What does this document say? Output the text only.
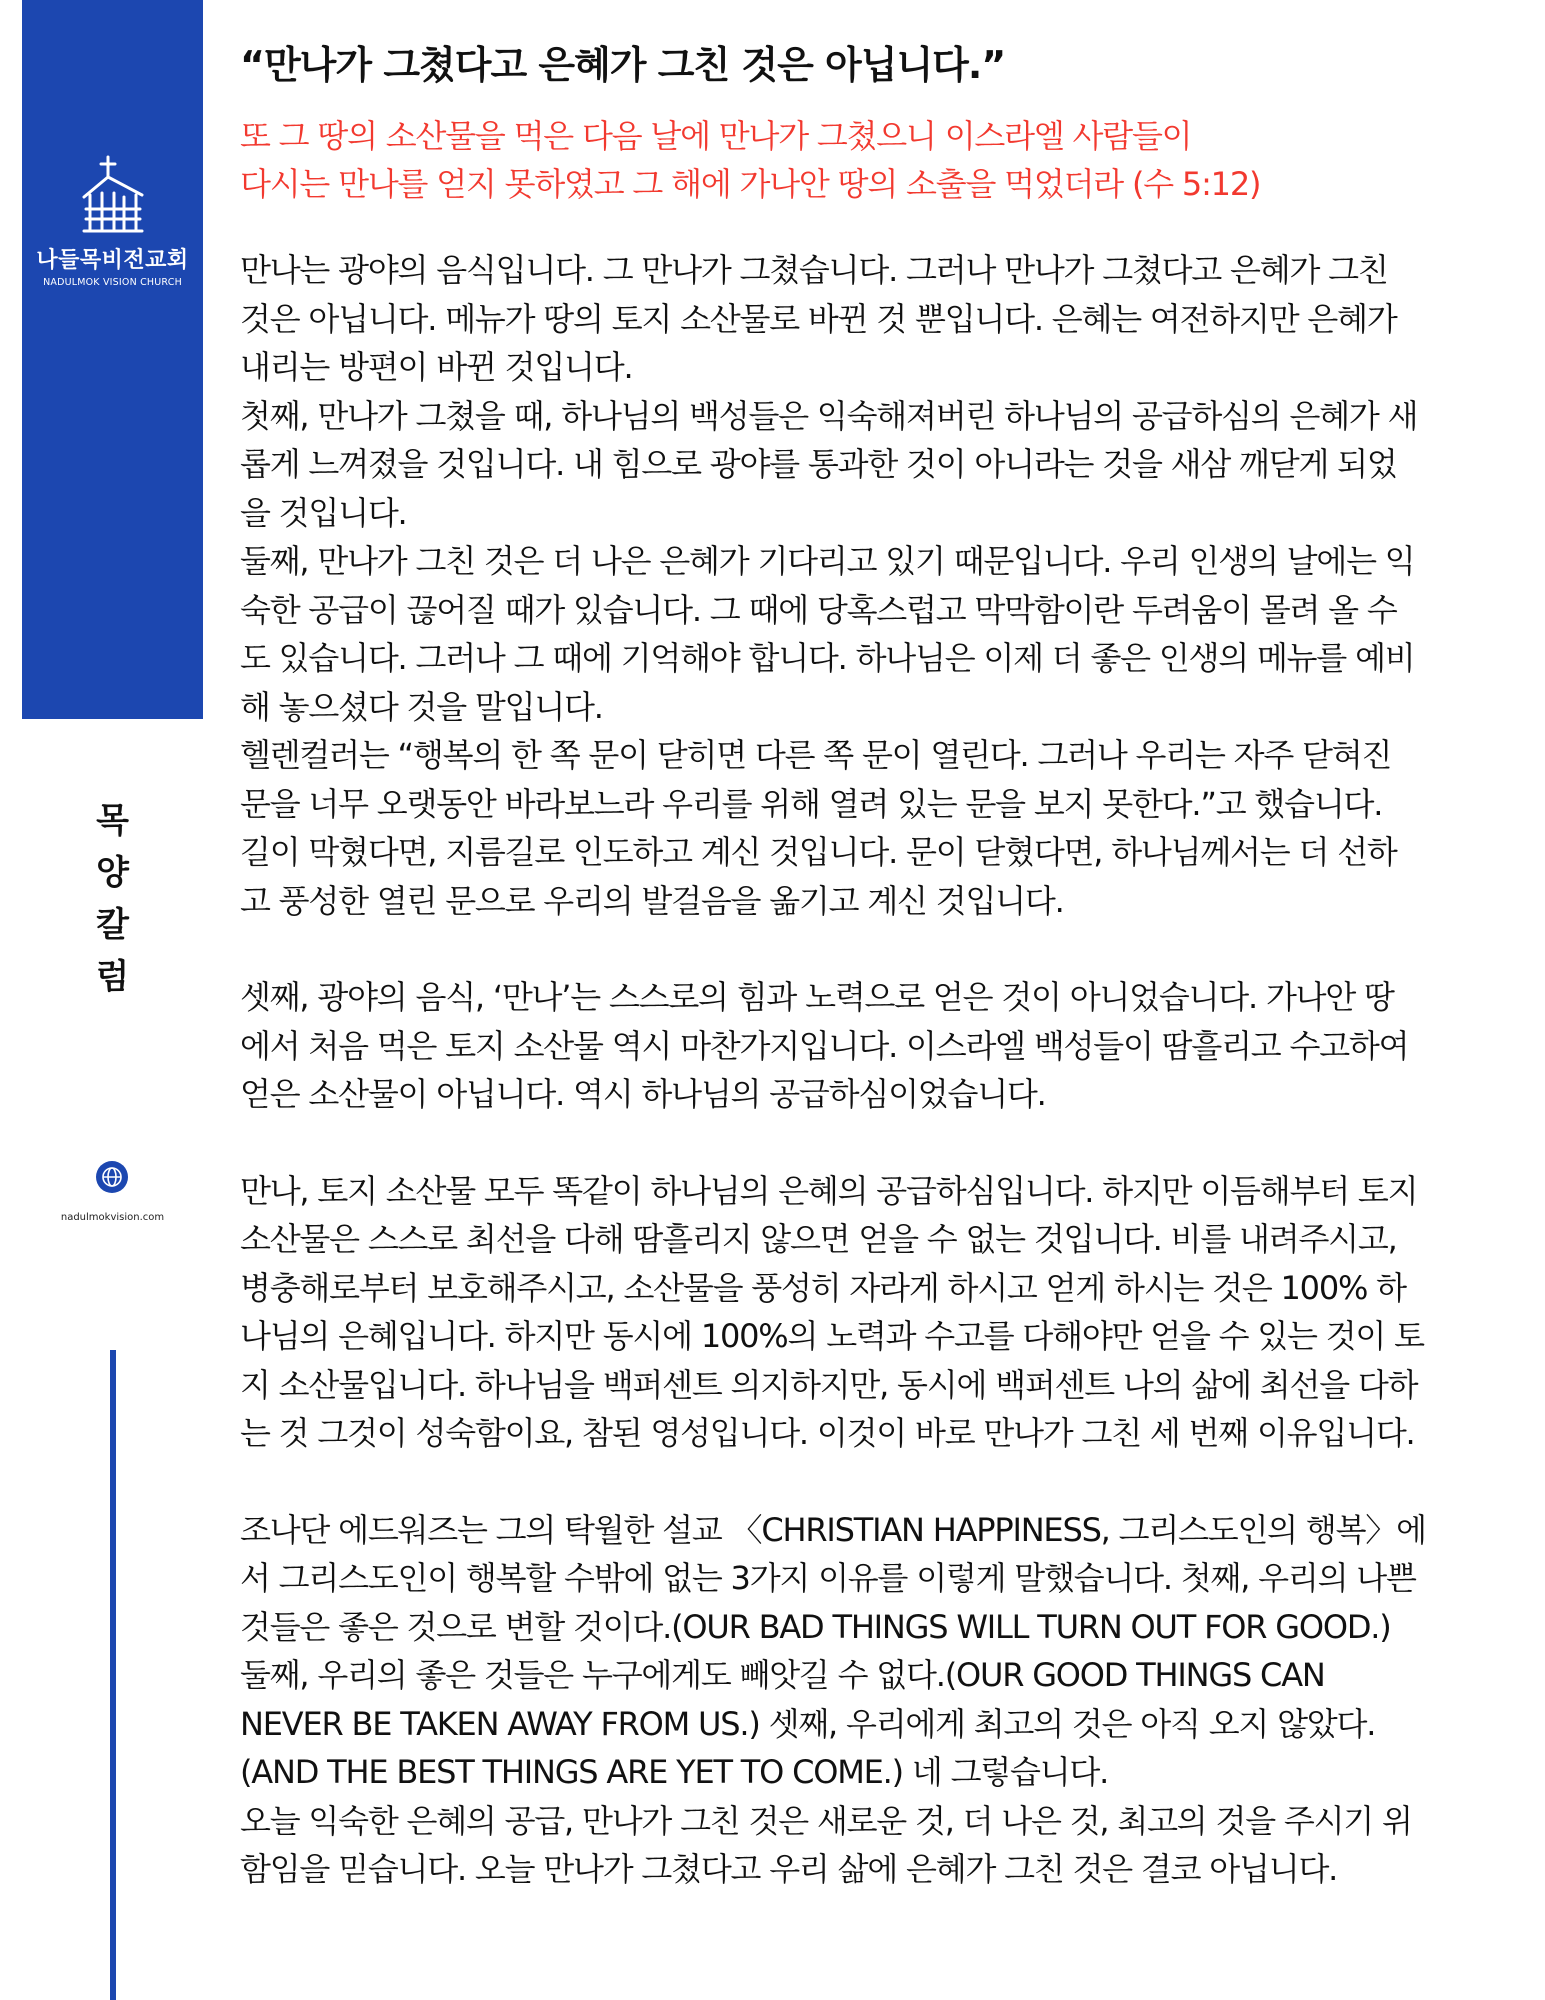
나들목비전교회
NADULMOK VISION CHURCH
목
양
칼
럼
nadulmokvision.com
“만나가 그쳤다고 은혜가 그친 것은 아닙니다.”
또 그 땅의 소산물을 먹은 다음 날에 만나가 그쳤으니 이스라엘 사람들이
다시는 만나를 얻지 못하였고 그 해에 가나안 땅의 소출을 먹었더라 (수 5:12)
만나는 광야의 음식입니다. 그 만나가 그쳤습니다. 그러나 만나가 그쳤다고 은혜가 그친
것은 아닙니다. 메뉴가 땅의 토지 소산물로 바뀐 것 뿐입니다. 은혜는 여전하지만 은혜가
내리는 방편이 바뀐 것입니다.
첫째, 만나가 그쳤을 때, 하나님의 백성들은 익숙해져버린 하나님의 공급하심의 은혜가 새
롭게 느껴졌을 것입니다. 내 힘으로 광야를 통과한 것이 아니라는 것을 새삼 깨닫게 되었
을 것입니다.
둘째, 만나가 그친 것은 더 나은 은혜가 기다리고 있기 때문입니다. 우리 인생의 날에는 익
숙한 공급이 끊어질 때가 있습니다. 그 때에 당혹스럽고 막막함이란 두려움이 몰려 올 수
도 있습니다. 그러나 그 때에 기억해야 합니다. 하나님은 이제 더 좋은 인생의 메뉴를 예비
해 놓으셨다 것을 말입니다.
헬렌컬러는 “행복의 한 쪽 문이 닫히면 다른 쪽 문이 열린다. 그러나 우리는 자주 닫혀진
문을 너무 오랫동안 바라보느라 우리를 위해 열려 있는 문을 보지 못한다.”고 했습니다.
길이 막혔다면, 지름길로 인도하고 계신 것입니다. 문이 닫혔다면, 하나님께서는 더 선하
고 풍성한 열린 문으로 우리의 발걸음을 옮기고 계신 것입니다.
셋째, 광야의 음식, ‘만나’는 스스로의 힘과 노력으로 얻은 것이 아니었습니다. 가나안 땅
에서 처음 먹은 토지 소산물 역시 마찬가지입니다. 이스라엘 백성들이 땀흘리고 수고하여
얻은 소산물이 아닙니다. 역시 하나님의 공급하심이었습니다.
만나, 토지 소산물 모두 똑같이 하나님의 은혜의 공급하심입니다. 하지만 이듬해부터 토지
소산물은 스스로 최선을 다해 땀흘리지 않으면 얻을 수 없는 것입니다. 비를 내려주시고,
병충해로부터 보호해주시고, 소산물을 풍성히 자라게 하시고 얻게 하시는 것은 100% 하
나님의 은혜입니다. 하지만 동시에 100%의 노력과 수고를 다해야만 얻을 수 있는 것이 토
지 소산물입니다. 하나님을 백퍼센트 의지하지만, 동시에 백퍼센트 나의 삶에 최선을 다하
는 것 그것이 성숙함이요, 참된 영성입니다. 이것이 바로 만나가 그친 세 번째 이유입니다.
조나단 에드워즈는 그의 탁월한 설교 〈CHRISTIAN HAPPINESS, 그리스도인의 행복〉에
서 그리스도인이 행복할 수밖에 없는 3가지 이유를 이렇게 말했습니다. 첫째, 우리의 나쁜
것들은 좋은 것으로 변할 것이다.(OUR BAD THINGS WILL TURN OUT FOR GOOD.)
둘째, 우리의 좋은 것들은 누구에게도 빼앗길 수 없다.(OUR GOOD THINGS CAN
NEVER BE TAKEN AWAY FROM US.) 셋째, 우리에게 최고의 것은 아직 오지 않았다.
(AND THE BEST THINGS ARE YET TO COME.) 네 그렇습니다.
오늘 익숙한 은혜의 공급, 만나가 그친 것은 새로운 것, 더 나은 것, 최고의 것을 주시기 위
함임을 믿습니다. 오늘 만나가 그쳤다고 우리 삶에 은혜가 그친 것은 결코 아닙니다.
